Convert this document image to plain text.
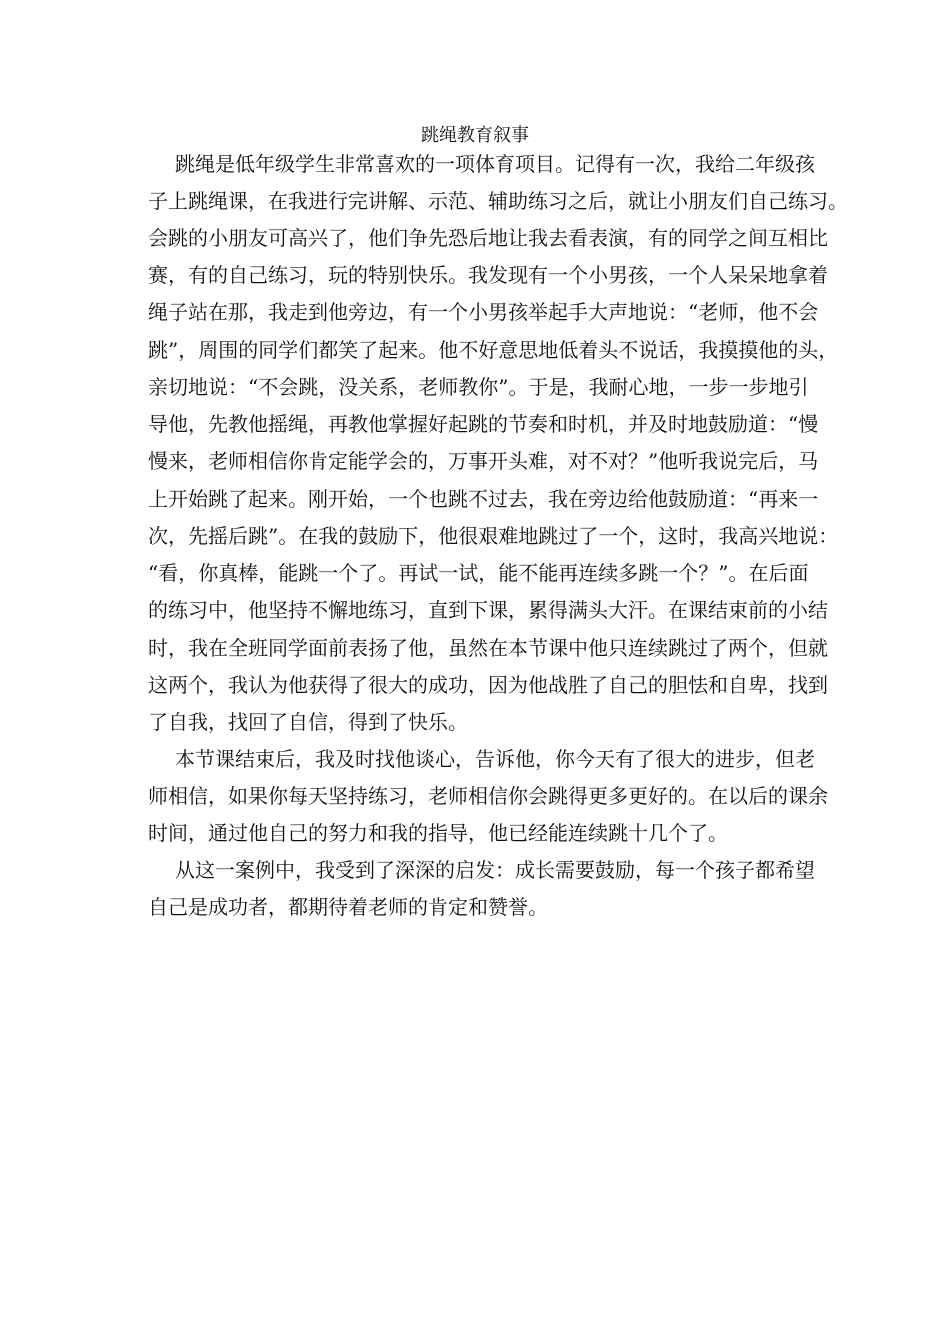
跳绳教育叙事

跳绳是低年级学生非常喜欢的一项体育项目。记得有一次，我给二年级孩

子上跳绳课，在我进行完讲解、示范、辅助练习之后，就让小朋友们自己练习。

会跳的小朋友可高兴了，他们争先恐后地让我去看表演，有的同学之间互相比

赛，有的自己练习，玩的特别快乐。我发现有一个小男孩，一个人呆呆地拿着

绳子站在那，我走到他旁边，有一个小男孩举起手大声地说：“老师，他不会

跳”，周围的同学们都笑了起来。他不好意思地低着头不说话，我摸摸他的头，

亲切地说：“不会跳，没关系，老师教你”。于是，我耐心地，一步一步地引

导他，先教他摇绳，再教他掌握好起跳的节奏和时机，并及时地鼓励道：“慢

慢来，老师相信你肯定能学会的，万事开头难，对不对？”他听我说完后，马

上开始跳了起来。刚开始，一个也跳不过去，我在旁边给他鼓励道：“再来一

次，先摇后跳”。在我的鼓励下，他很艰难地跳过了一个，这时，我高兴地说：

“看，你真棒，能跳一个了。再试一试，能不能再连续多跳一个？”。在后面

的练习中，他坚持不懈地练习，直到下课，累得满头大汗。在课结束前的小结

时，我在全班同学面前表扬了他，虽然在本节课中他只连续跳过了两个，但就

这两个，我认为他获得了很大的成功，因为他战胜了自己的胆怯和自卑，找到

了自我，找回了自信，得到了快乐。

本节课结束后，我及时找他谈心，告诉他，你今天有了很大的进步，但老

师相信，如果你每天坚持练习，老师相信你会跳得更多更好的。在以后的课余

时间，通过他自己的努力和我的指导，他已经能连续跳十几个了。

从这一案例中，我受到了深深的启发：成长需要鼓励，每一个孩子都希望

自己是成功者，都期待着老师的肯定和赞誉。
